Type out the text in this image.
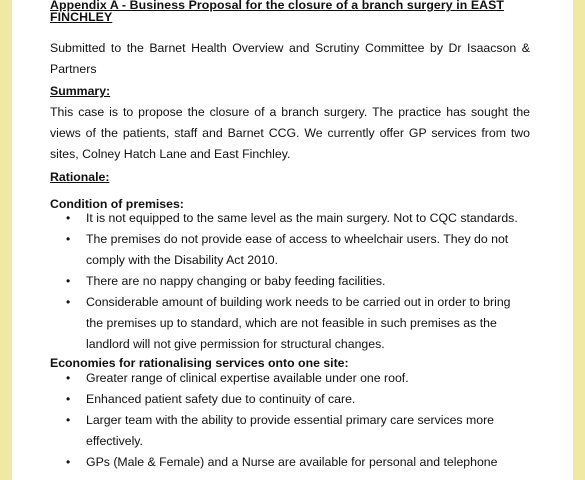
Appendix A - Business Proposal for the closure of a branch surgery in EAST FINCHLEY
Submitted to the Barnet Health Overview and Scrutiny Committee by Dr Isaacson & Partners
Summary:
This case is to propose the closure of a branch surgery. The practice has sought the views of the patients, staff and Barnet CCG. We currently offer GP services from two sites, Colney Hatch Lane and East Finchley.
Rationale:
Condition of premises:
• It is not equipped to the same level as the main surgery. Not to CQC standards.
• The premises do not provide ease of access to wheelchair users. They do not comply with the Disability Act 2010.
• There are no nappy changing or baby feeding facilities.
• Considerable amount of building work needs to be carried out in order to bring the premises up to standard, which are not feasible in such premises as the landlord will not give permission for structural changes.
Economies for rationalising services onto one site:
• Greater range of clinical expertise available under one roof.
• Enhanced patient safety due to continuity of care.
• Larger team with the ability to provide essential primary care services more effectively.
• GPs (Male & Female) and a Nurse are available for personal and telephone
